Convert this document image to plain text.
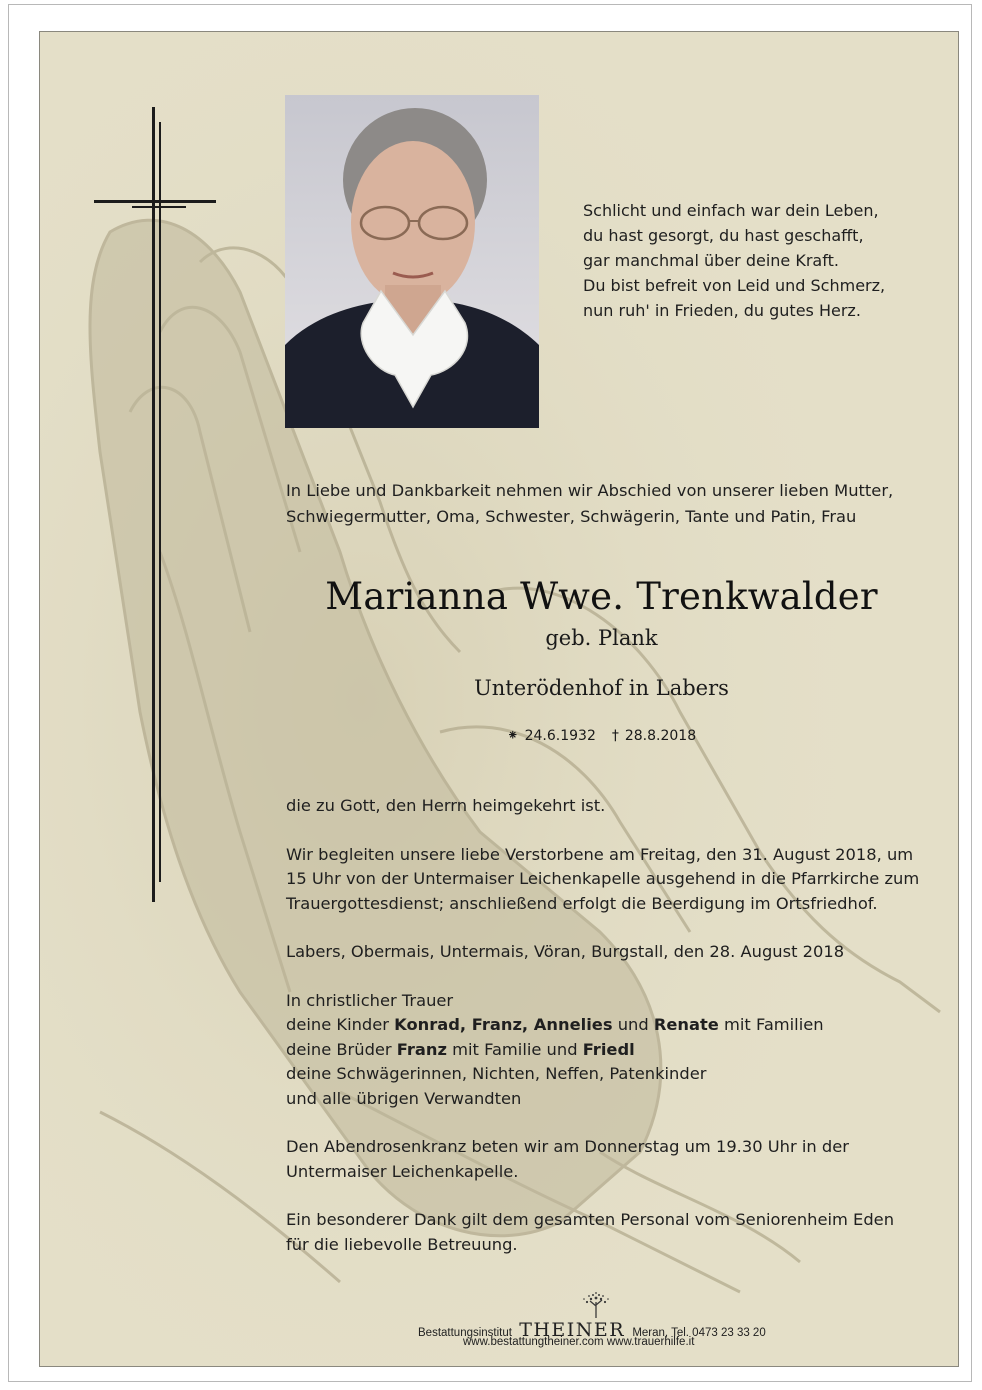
Schlicht und einfach war dein Leben,
du hast gesorgt, du hast geschafft,
gar manchmal über deine Kraft.
Du bist befreit von Leid und Schmerz,
nun ruh' in Frieden, du gutes Herz.
In Liebe und Dankbarkeit nehmen wir Abschied von unserer lieben Mutter,
Schwiegermutter, Oma, Schwester, Schwägerin, Tante und Patin, Frau
Marianna Wwe. Trenkwalder
geb. Plank
Unterödenhof in Labers
⁕ 24.6.1932 † 28.8.2018
die zu Gott, den Herrn heimgekehrt ist.
Wir begleiten unsere liebe Verstorbene am Freitag, den 31. August 2018, um
15 Uhr von der Untermaiser Leichenkapelle ausgehend in die Pfarrkirche zum
Trauergottesdienst; anschließend erfolgt die Beerdigung im Ortsfriedhof.
Labers, Obermais, Untermais, Vöran, Burgstall, den 28. August 2018
In christlicher Trauer
deine Kinder Konrad, Franz, Annelies und Renate mit Familien
deine Brüder Franz mit Familie und Friedl
deine Schwägerinnen, Nichten, Neffen, Patenkinder
und alle übrigen Verwandten
Den Abendrosenkranz beten wir am Donnerstag um 19.30 Uhr in der
Untermaiser Leichenkapelle.
Ein besonderer Dank gilt dem gesamten Personal vom Seniorenheim Eden
für die liebevolle Betreuung.
Bestattungsinstitut THEINER Meran, Tel. 0473 23 33 20
www.bestattungtheiner.com www.trauerhilfe.it
